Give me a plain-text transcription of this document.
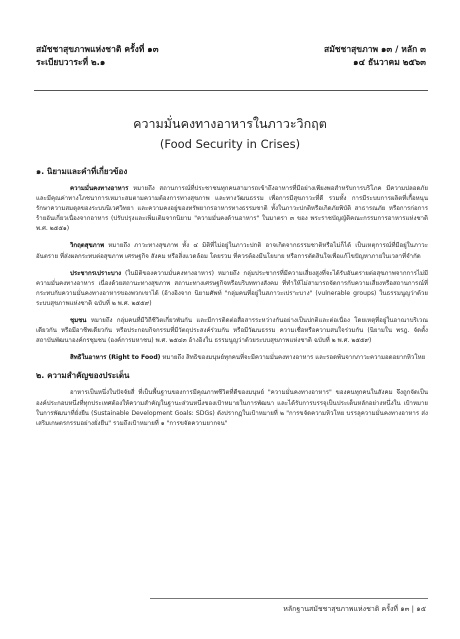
สมัชชาสุขภาพแห่งชาติ ครั้งที่ ๑๓
ระเบียบวาระที่ ๒.๑
สมัชชาสุขภาพ ๑๓ / หลัก ๓
๑๔ ธันวาคม ๒๕๖๓
ความมั่นคงทางอาหารในภาวะวิกฤต
(Food Security in Crises)
๑. นิยามและคำที่เกี่ยวข้อง

ความมั่นคงทางอาหาร หมายถึง สถานการณ์ที่ประชาชนทุกคนสามารถเข้าถึงอาหารที่มีอย่างเพียงพอสำหรับการบริโภค มีความปลอดภัย และมีคุณค่าทางโภชนาการเหมาะสมตามความต้องการทางสุขภาพ และทางวัฒนธรรม เพื่อการมีสุขภาวะที่ดี รวมทั้ง การมีระบบการผลิตที่เกื้อหนุน รักษาความสมดุลของระบบนิเวศวิทยา และความคงอยู่ของทรัพยากรอาหารทางธรรมชาติ ทั้งในภาวะปกติหรือเกิดภัยพิบัติ สาธารณภัย หรือการก่อการร้ายอันเกี่ยวเนื่องจากอาหาร (ปรับปรุงและเพิ่มเติมจากนิยาม "ความมั่นคงด้านอาหาร" ในมาตรา ๓ ของ พระราชบัญญัติคณะกรรมการอาหารแห่งชาติ พ.ศ. ๒๕๕๑)

วิกฤตสุขภาพ หมายถึง ภาวะทางสุขภาพ ทั้ง ๔ มิติที่ไม่อยู่ในภาวะปกติ อาจเกิดจากธรรมชาติหรือไม่ก็ได้ เป็นเหตุการณ์ที่มีอยู่ในภาวะอันตราย ที่ส่งผลกระทบต่อสุขภาพ เศรษฐกิจ สังคม หรือสิ่งแวดล้อม โดยรวม ที่ควรต้องมีนโยบาย หรือการตัดสินใจเพื่อแก้ไขปัญหาภายในเวลาที่จำกัด

ประชากรเปราะบาง (ในมิติของความมั่นคงทางอาหาร) หมายถึง กลุ่มประชากรที่มีความเสี่ยงสูงที่จะได้รับอันตรายต่อสุขภาพจากการไม่มีความมั่นคงทางอาหาร เนื่องด้วยสถานะทางสุขภาพ สถานะทางเศรษฐกิจหรือบริบททางสังคม ที่ทำให้ไม่สามารถจัดการกับความเสี่ยงหรือสถานการณ์ที่กระทบกับความมั่นคงทางอาหารของพวกเขาได้ (อ้างอิงจาก นิยามศัพท์ "กลุ่มคนที่อยู่ในสภาวะเปราะบาง" (vulnerable groups) ในธรรมนูญว่าด้วยระบบสุขภาพแห่งชาติ ฉบับที่ ๒ พ.ศ. ๒๕๕๙)

ชุมชน หมายถึง กลุ่มคนที่มีวิถีชีวิตเกี่ยวพันกัน และมีการติดต่อสื่อสารระหว่างกันอย่างเป็นปกติและต่อเนื่อง โดยเหตุที่อยู่ในอาณาบริเวณเดียวกัน หรือมีอาชีพเดียวกัน หรือประกอบกิจกรรมที่มีวัตถุประสงค์ร่วมกัน หรือมีวัฒนธรรม ความเชื่อหรือความสนใจร่วมกัน (นิยามใน พรฎ. จัดตั้งสถาบันพัฒนาองค์กรชุมชน (องค์การมหาชน) พ.ศ. ๒๕๔๓ อ้างอิงใน ธรรมนูญว่าด้วยระบบสุขภาพแห่งชาติ ฉบับที่ ๒ พ.ศ. ๒๕๕๙)

สิทธิในอาหาร (Right to Food) หมายถึง สิทธิของมนุษย์ทุกคนที่จะมีความมั่นคงทางอาหาร และรอดพ้นจากภาวะความอดอยากหิวโหย

๒. ความสำคัญของประเด็น

อาหารเป็นหนึ่งในปัจจัยสี่ ที่เป็นพื้นฐานของการมีคุณภาพชีวิตที่ดีของมนุษย์ "ความมั่นคงทางอาหาร" ของคนทุกคนในสังคม จึงถูกจัดเป็นองค์ประกอบหนึ่งที่ทุกประเทศต้องให้ความสำคัญในฐานะส่วนหนึ่งของเป้าหมายในการพัฒนา และได้รับการบรรจุเป็นประเด็นหลักอย่างหนึ่งใน เป้าหมายในการพัฒนาที่ยั่งยืน (Sustainable Development Goals: SDGs) ดังปรากฏในเป้าหมายที่ ๒ "การขจัดความหิวโหย บรรลุความมั่นคงทางอาหาร ส่งเสริมเกษตรกรรมอย่างยั่งยืน" รวมถึงเป้าหมายที่ ๑ "การขจัดความยากจน"

หลักฐานสมัชชาสุขภาพแห่งชาติ ครั้งที่ ๑๓ | ๑๕
